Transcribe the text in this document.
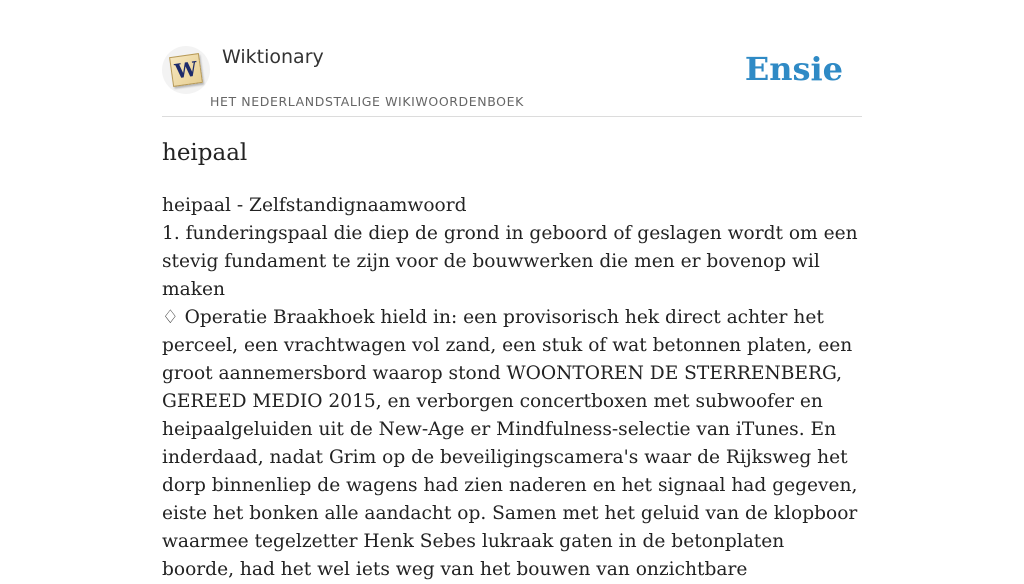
W Wiktionary
HET NEDERLANDSTALIGE WIKIWOORDENBOEK
Ensie
heipaal

heipaal - Zelfstandignaamwoord

1. funderingspaal die diep de grond in geboord of geslagen wordt om een stevig fundament te zijn voor de bouwwerken die men er bovenop wil maken

♢ Operatie Braakhoek hield in: een provisorisch hek direct achter het perceel, een vrachtwagen vol zand, een stuk of wat betonnen platen, een groot aannemersbord waarop stond WOONTOREN DE STERRENBERG, GEREED MEDIO 2015, en verborgen concertboxen met subwoofer en heipaalgeluiden uit de New-Age er Mindfulness-selectie van iTunes. En inderdaad, nadat Grim op de beveiligingscamera's waar de Rijksweg het dorp binnenliep de wagens had zien naderen en het signaal had gegeven, eiste het bonken alle aandacht op. Samen met het geluid van de klopboor waarmee tegelzetter Henk Sebes lukraak gaten in de betonplaten boorde, had het wel iets weg van het bouwen van onzichtbare
